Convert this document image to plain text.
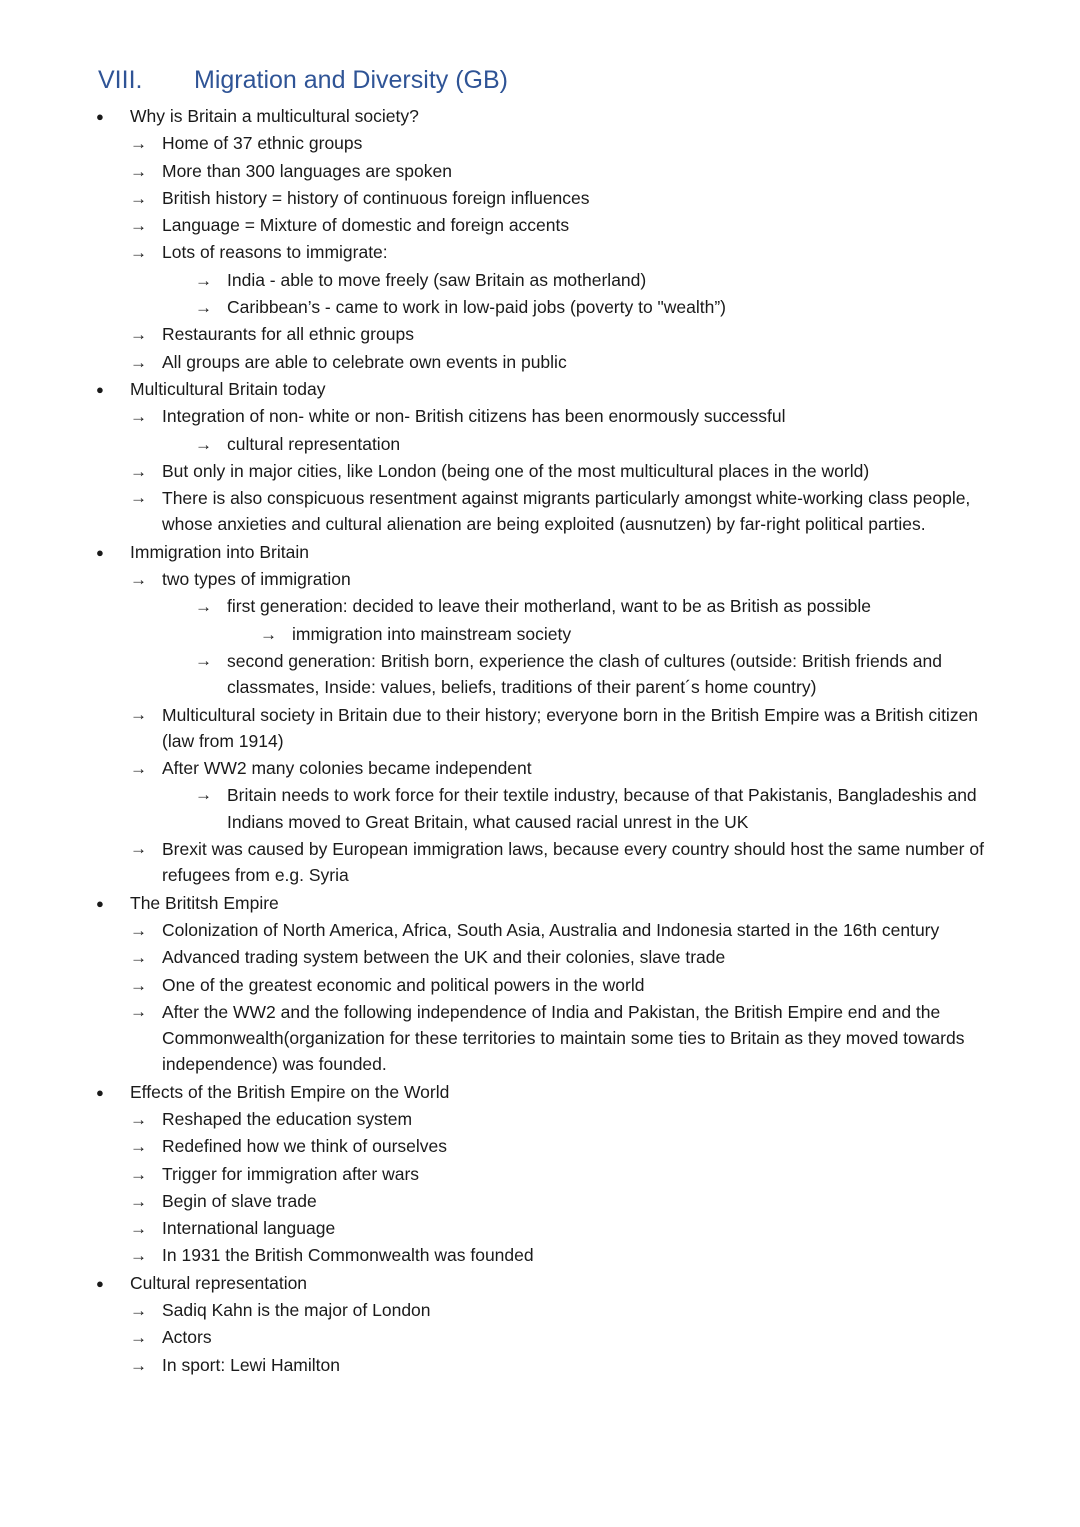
VIII. Migration and Diversity (GB)
● Why is Britain a multicultural society?
→ Home of 37 ethnic groups
→ More than 300 languages are spoken
→ British history = history of continuous foreign influences
→ Language = Mixture of domestic and foreign accents
→ Lots of reasons to immigrate:
→ India - able to move freely (saw Britain as motherland)
→ Caribbean’s - came to work in low-paid jobs (poverty to "wealth”)
→ Restaurants for all ethnic groups
→ All groups are able to celebrate own events in public
● Multicultural Britain today
→ Integration of non- white or non- British citizens has been enormously successful
→ cultural representation
→ But only in major cities, like London (being one of the most multicultural places in the world)
→ There is also conspicuous resentment against migrants particularly amongst white-working class people, whose anxieties and cultural alienation are being exploited (ausnutzen) by far-right political parties.
● Immigration into Britain
→ two types of immigration
→ first generation: decided to leave their motherland, want to be as British as possible
→ immigration into mainstream society
→ second generation: British born, experience the clash of cultures (outside: British friends and classmates, Inside: values, beliefs, traditions of their parent´s home country)
→ Multicultural society in Britain due to their history; everyone born in the British Empire was a British citizen (law from 1914)
→ After WW2 many colonies became independent
→ Britain needs to work force for their textile industry, because of that Pakistanis, Bangladeshis and Indians moved to Great Britain, what caused racial unrest in the UK
→ Brexit was caused by European immigration laws, because every country should host the same number of refugees from e.g. Syria
● The Brititsh Empire
→ Colonization of North America, Africa, South Asia, Australia and Indonesia started in the 16th century
→ Advanced trading system between the UK and their colonies, slave trade
→ One of the greatest economic and political powers in the world
→ After the WW2 and the following independence of India and Pakistan, the British Empire end and the Commonwealth(organization for these territories to maintain some ties to Britain as they moved towards independence) was founded.
● Effects of the British Empire on the World
→ Reshaped the education system
→ Redefined how we think of ourselves
→ Trigger for immigration after wars
→ Begin of slave trade
→ International language
→ In 1931 the British Commonwealth was founded
● Cultural representation
→ Sadiq Kahn is the major of London
→ Actors
→ In sport: Lewi Hamilton
